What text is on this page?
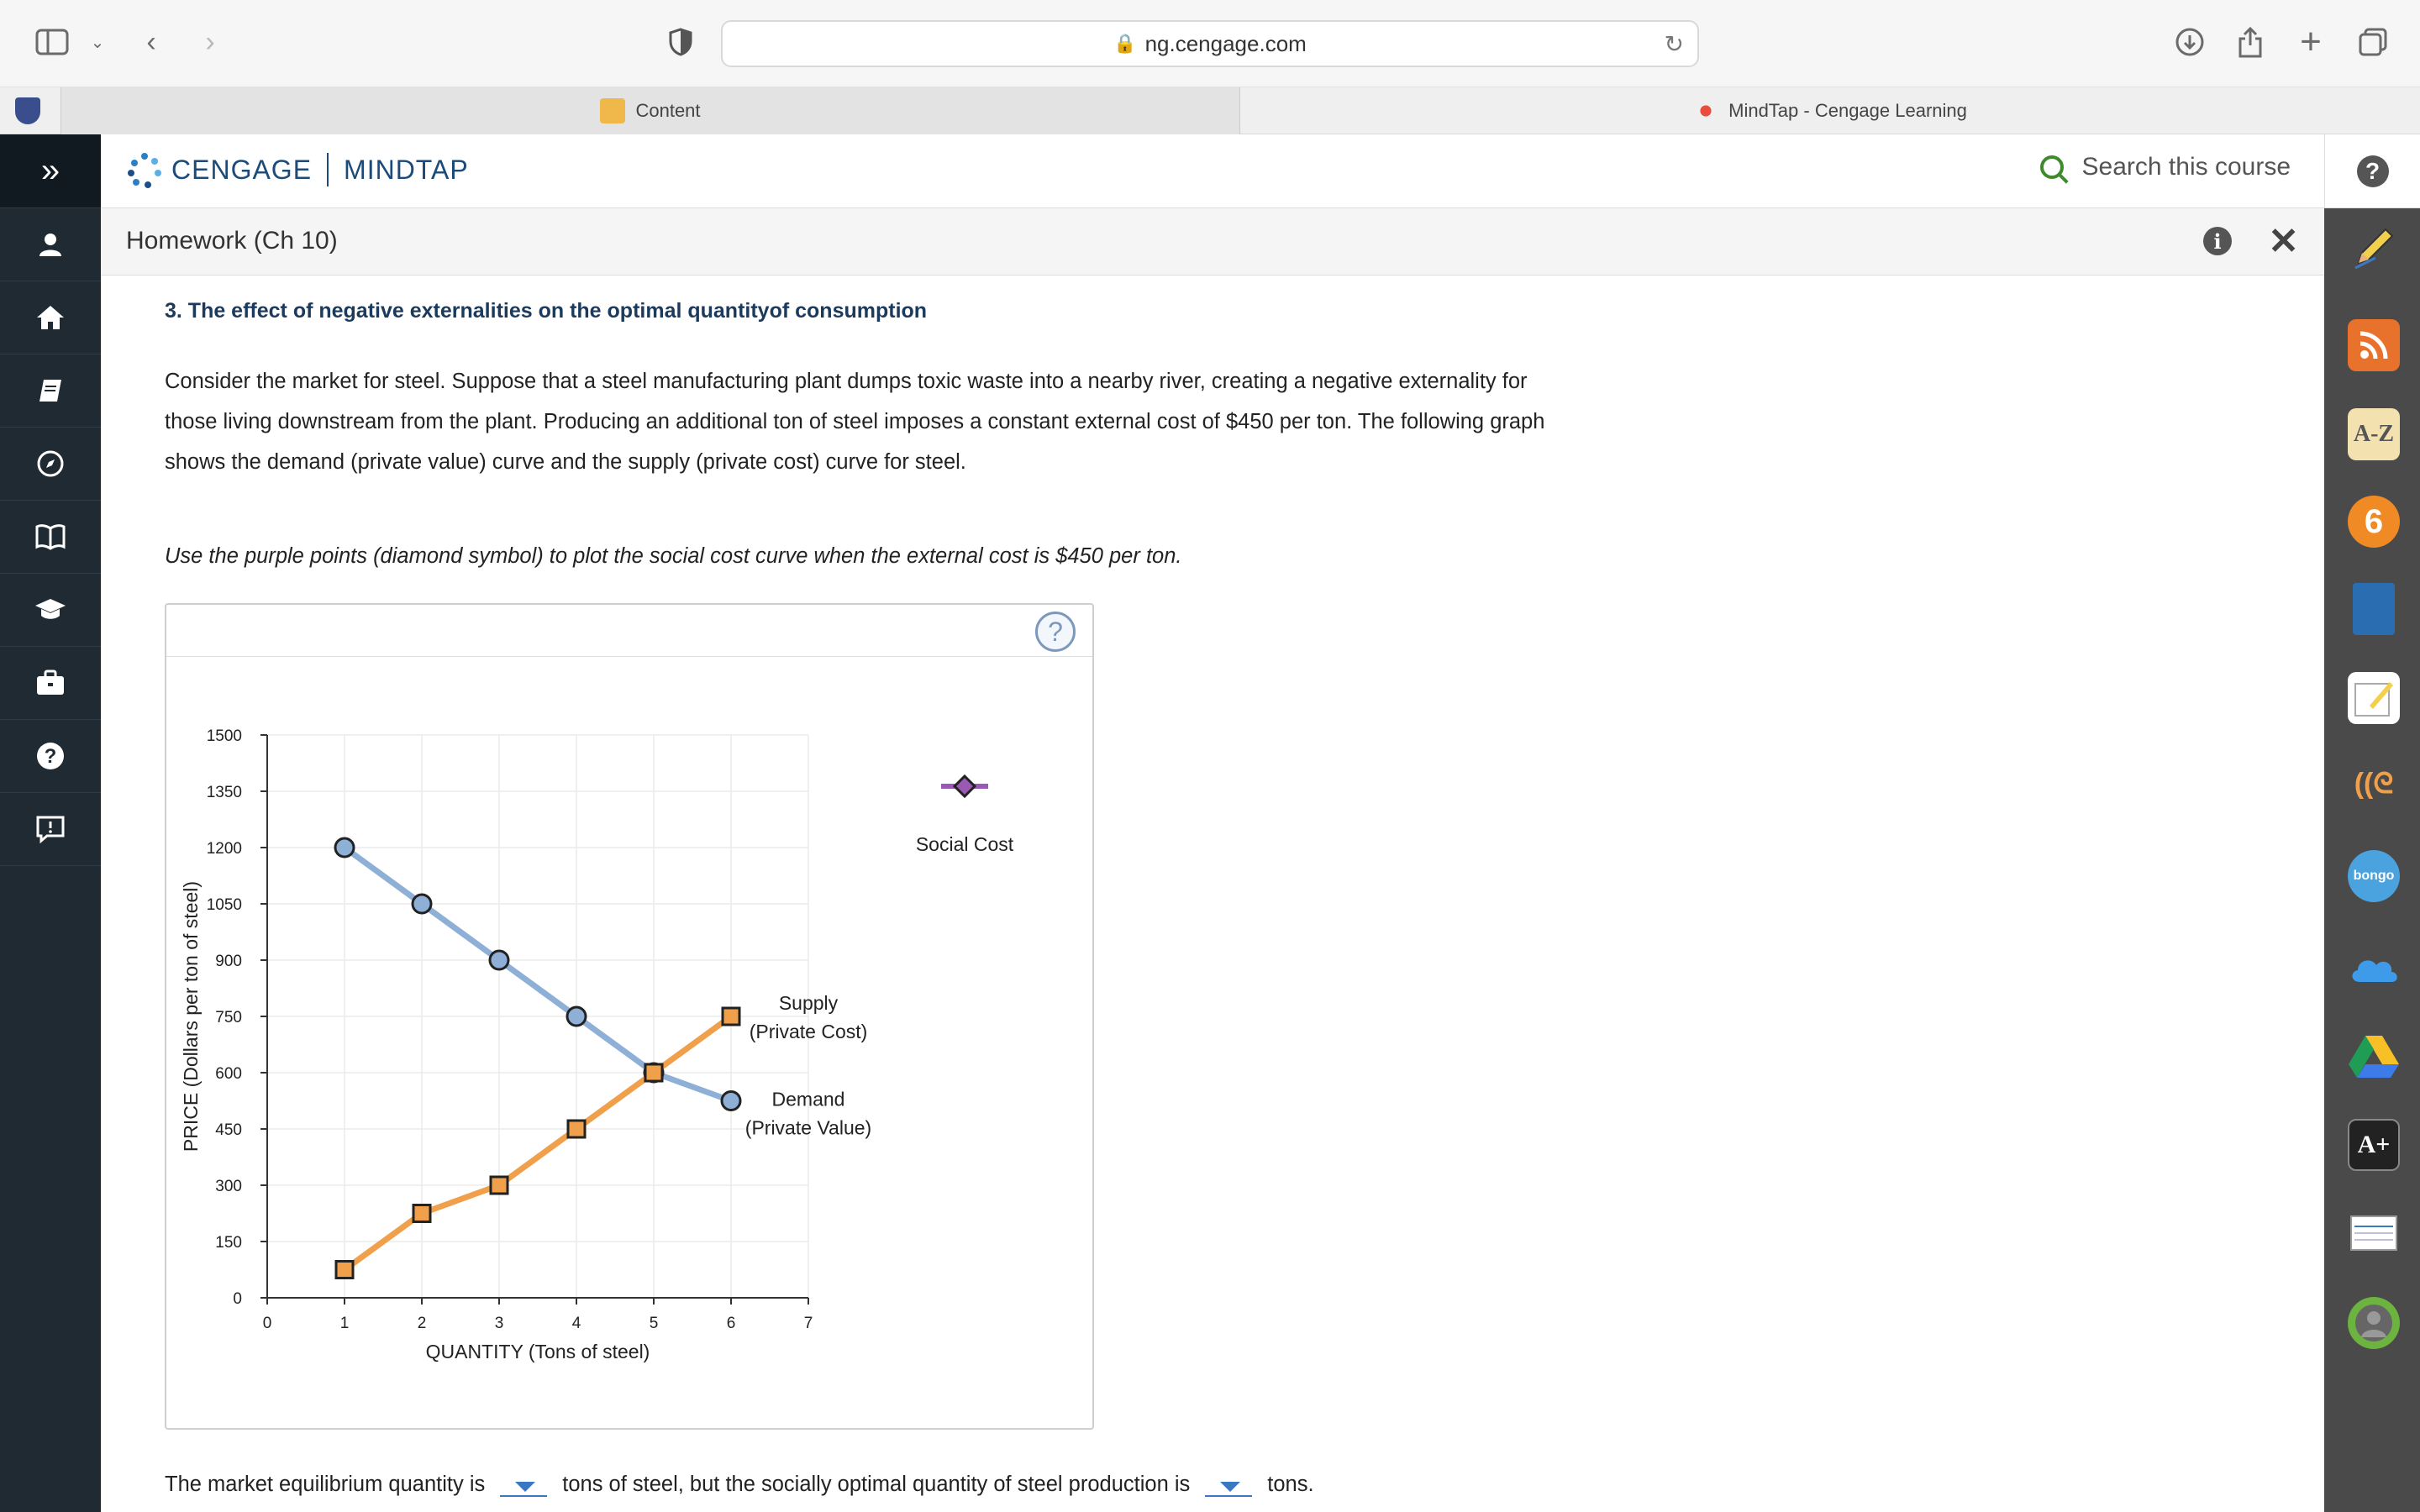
⌄	‹	›	🔒 ng.cengage.com	↻	+
Content	MindTap - Cengage Learning
»
?
CENGAGE MINDTAP	Search this course	?
A-Z
6
((ᘓ
bongo
A+
Homework (Ch 10)	i ✕
3. The effect of negative externalities on the optimal quantityof consumption
Consider the market for steel. Suppose that a steel manufacturing plant dumps toxic waste into a nearby river, creating a negative externality for
those living downstream from the plant. Producing an additional ton of steel imposes a constant external cost of $450 per ton. The following graph
shows the demand (private value) curve and the supply (private cost) curve for steel.
Use the purple points (diamond symbol) to plot the social cost curve when the external cost is $450 per ton.
?
0	1	2	3	4	5	6	7
0
150
300
450
600
750
900
1050
1200
1350
1500
QUANTITY (Tons of steel)
PRICE (Dollars per ton of steel)	Demand
(Private Value)
Supply
(Private Cost)
Social Cost
The market equilibrium quantity is	tons of steel, but the socially optimal quantity of steel production is	tons.
